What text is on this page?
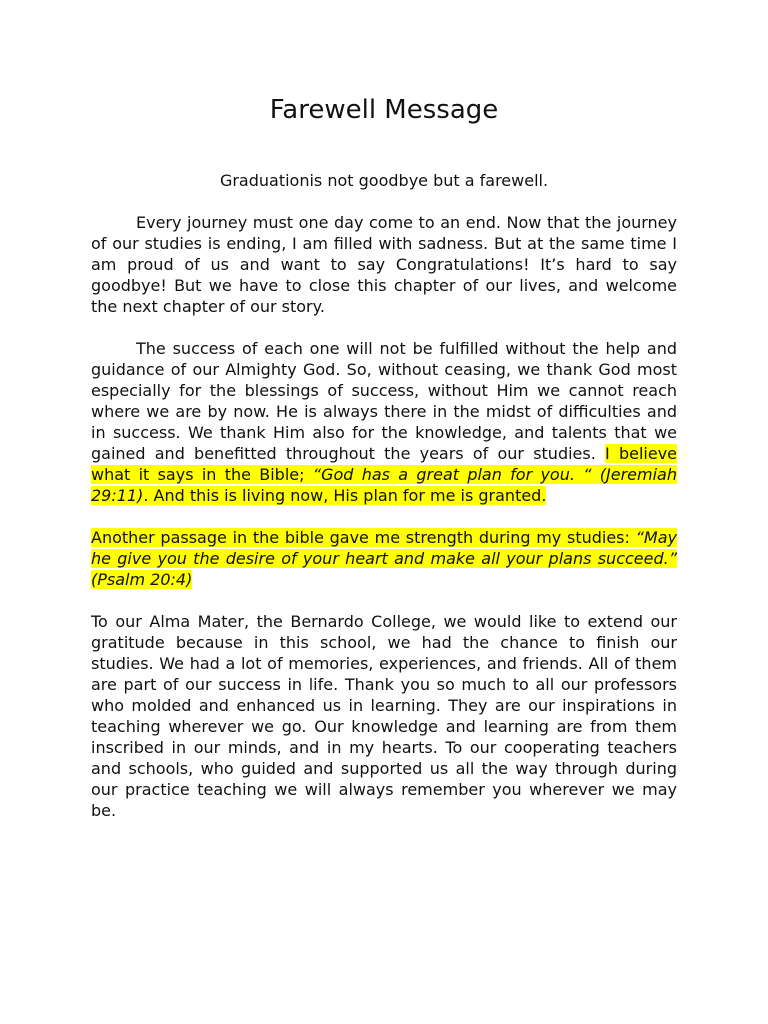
Farewell Message

Graduationis not goodbye but a farewell.

Every journey must one day come to an end. Now that the journey of our studies is ending, I am filled with sadness. But at the same time I am proud of us and want to say Congratulations! It’s hard to say goodbye! But we have to close this chapter of our lives, and welcome the next chapter of our story.

The success of each one will not be fulfilled without the help and guidance of our Almighty God. So, without ceasing, we thank God most especially for the blessings of success, without Him we cannot reach where we are by now. He is always there in the midst of difficulties and in success. We thank Him also for the knowledge, and talents that we gained and benefitted throughout the years of our studies. I believe what it says in the Bible; “God has a great plan for you. “ (Jeremiah 29:11). And this is living now, His plan for me is granted.

Another passage in the bible gave me strength during my studies: “May he give you the desire of your heart and make all your plans succeed.” (Psalm 20:4)

To our Alma Mater, the Bernardo College, we would like to extend our gratitude because in this school, we had the chance to finish our studies. We had a lot of memories, experiences, and friends. All of them are part of our success in life. Thank you so much to all our professors who molded and enhanced us in learning. They are our inspirations in teaching wherever we go. Our knowledge and learning are from them inscribed in our minds, and in my hearts. To our cooperating teachers and schools, who guided and supported us all the way through during our practice teaching we will always remember you wherever we may be.
